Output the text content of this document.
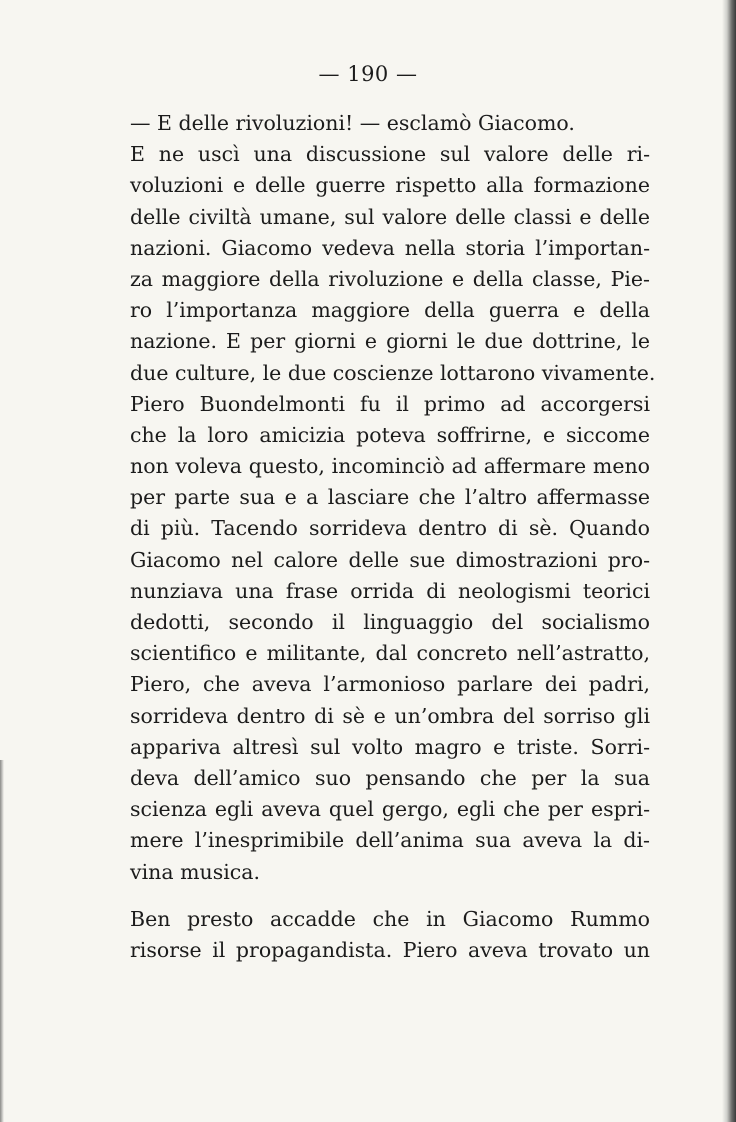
— 190 —
— E delle rivoluzioni! — esclamò Giacomo.
E ne uscì una discussione sul valore delle ri-
voluzioni e delle guerre rispetto alla formazione
delle civiltà umane, sul valore delle classi e delle
nazioni. Giacomo vedeva nella storia l’importan-
za maggiore della rivoluzione e della classe, Pie-
ro l’importanza maggiore della guerra e della
nazione. E per giorni e giorni le due dottrine, le
due culture, le due coscienze lottarono vivamente.
Piero Buondelmonti fu il primo ad accorgersi
che la loro amicizia poteva soffrirne, e siccome
non voleva questo, incominciò ad affermare meno
per parte sua e a lasciare che l’altro affermasse
di più. Tacendo sorrideva dentro di sè. Quando
Giacomo nel calore delle sue dimostrazioni pro-
nunziava una frase orrida di neologismi teorici
dedotti, secondo il linguaggio del socialismo
scientifico e militante, dal concreto nell’astratto,
Piero, che aveva l’armonioso parlare dei padri,
sorrideva dentro di sè e un’ombra del sorriso gli
appariva altresì sul volto magro e triste. Sorri-
deva dell’amico suo pensando che per la sua
scienza egli aveva quel gergo, egli che per espri-
mere l’inesprimibile dell’anima sua aveva la di-
vina musica.
Ben presto accadde che in Giacomo Rummo
risorse il propagandista. Piero aveva trovato un
